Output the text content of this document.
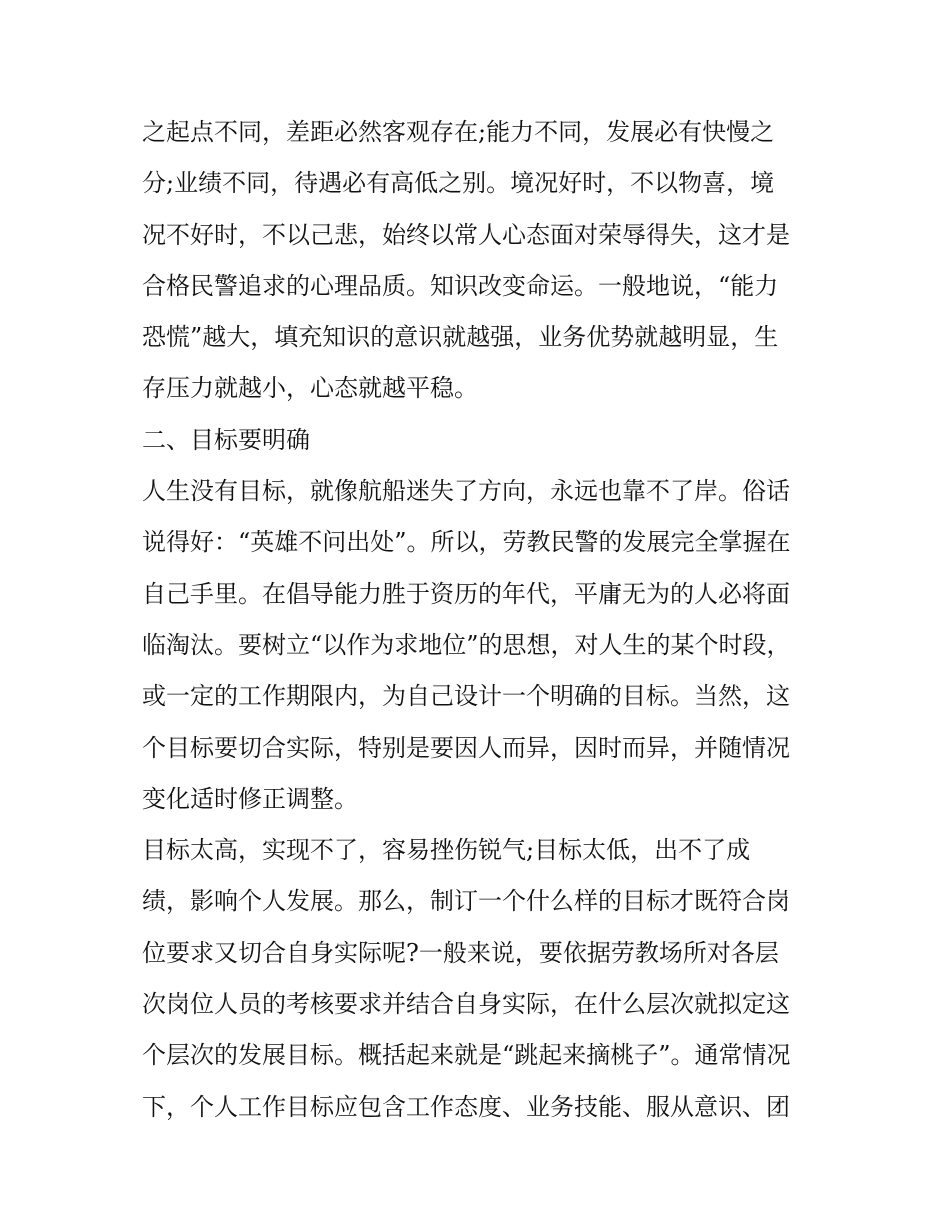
之起点不同，差距必然客观存在;能力不同，发展必有快慢之
分;业绩不同，待遇必有高低之别。境况好时，不以物喜，境
况不好时，不以己悲，始终以常人心态面对荣辱得失，这才是
合格民警追求的心理品质。知识改变命运。一般地说，“能力
恐慌”越大，填充知识的意识就越强，业务优势就越明显，生
存压力就越小，心态就越平稳。
二、目标要明确
人生没有目标，就像航船迷失了方向，永远也靠不了岸。俗话
说得好：“英雄不问出处”。所以，劳教民警的发展完全掌握在
自己手里。在倡导能力胜于资历的年代，平庸无为的人必将面
临淘汰。要树立“以作为求地位”的思想，对人生的某个时段，
或一定的工作期限内，为自己设计一个明确的目标。当然，这
个目标要切合实际，特别是要因人而异，因时而异，并随情况
变化适时修正调整。
目标太高，实现不了，容易挫伤锐气;目标太低，出不了成
绩，影响个人发展。那么，制订一个什么样的目标才既符合岗
位要求又切合自身实际呢?一般来说，要依据劳教场所对各层
次岗位人员的考核要求并结合自身实际，在什么层次就拟定这
个层次的发展目标。概括起来就是“跳起来摘桃子”。通常情况
下，个人工作目标应包含工作态度、业务技能、服从意识、团
